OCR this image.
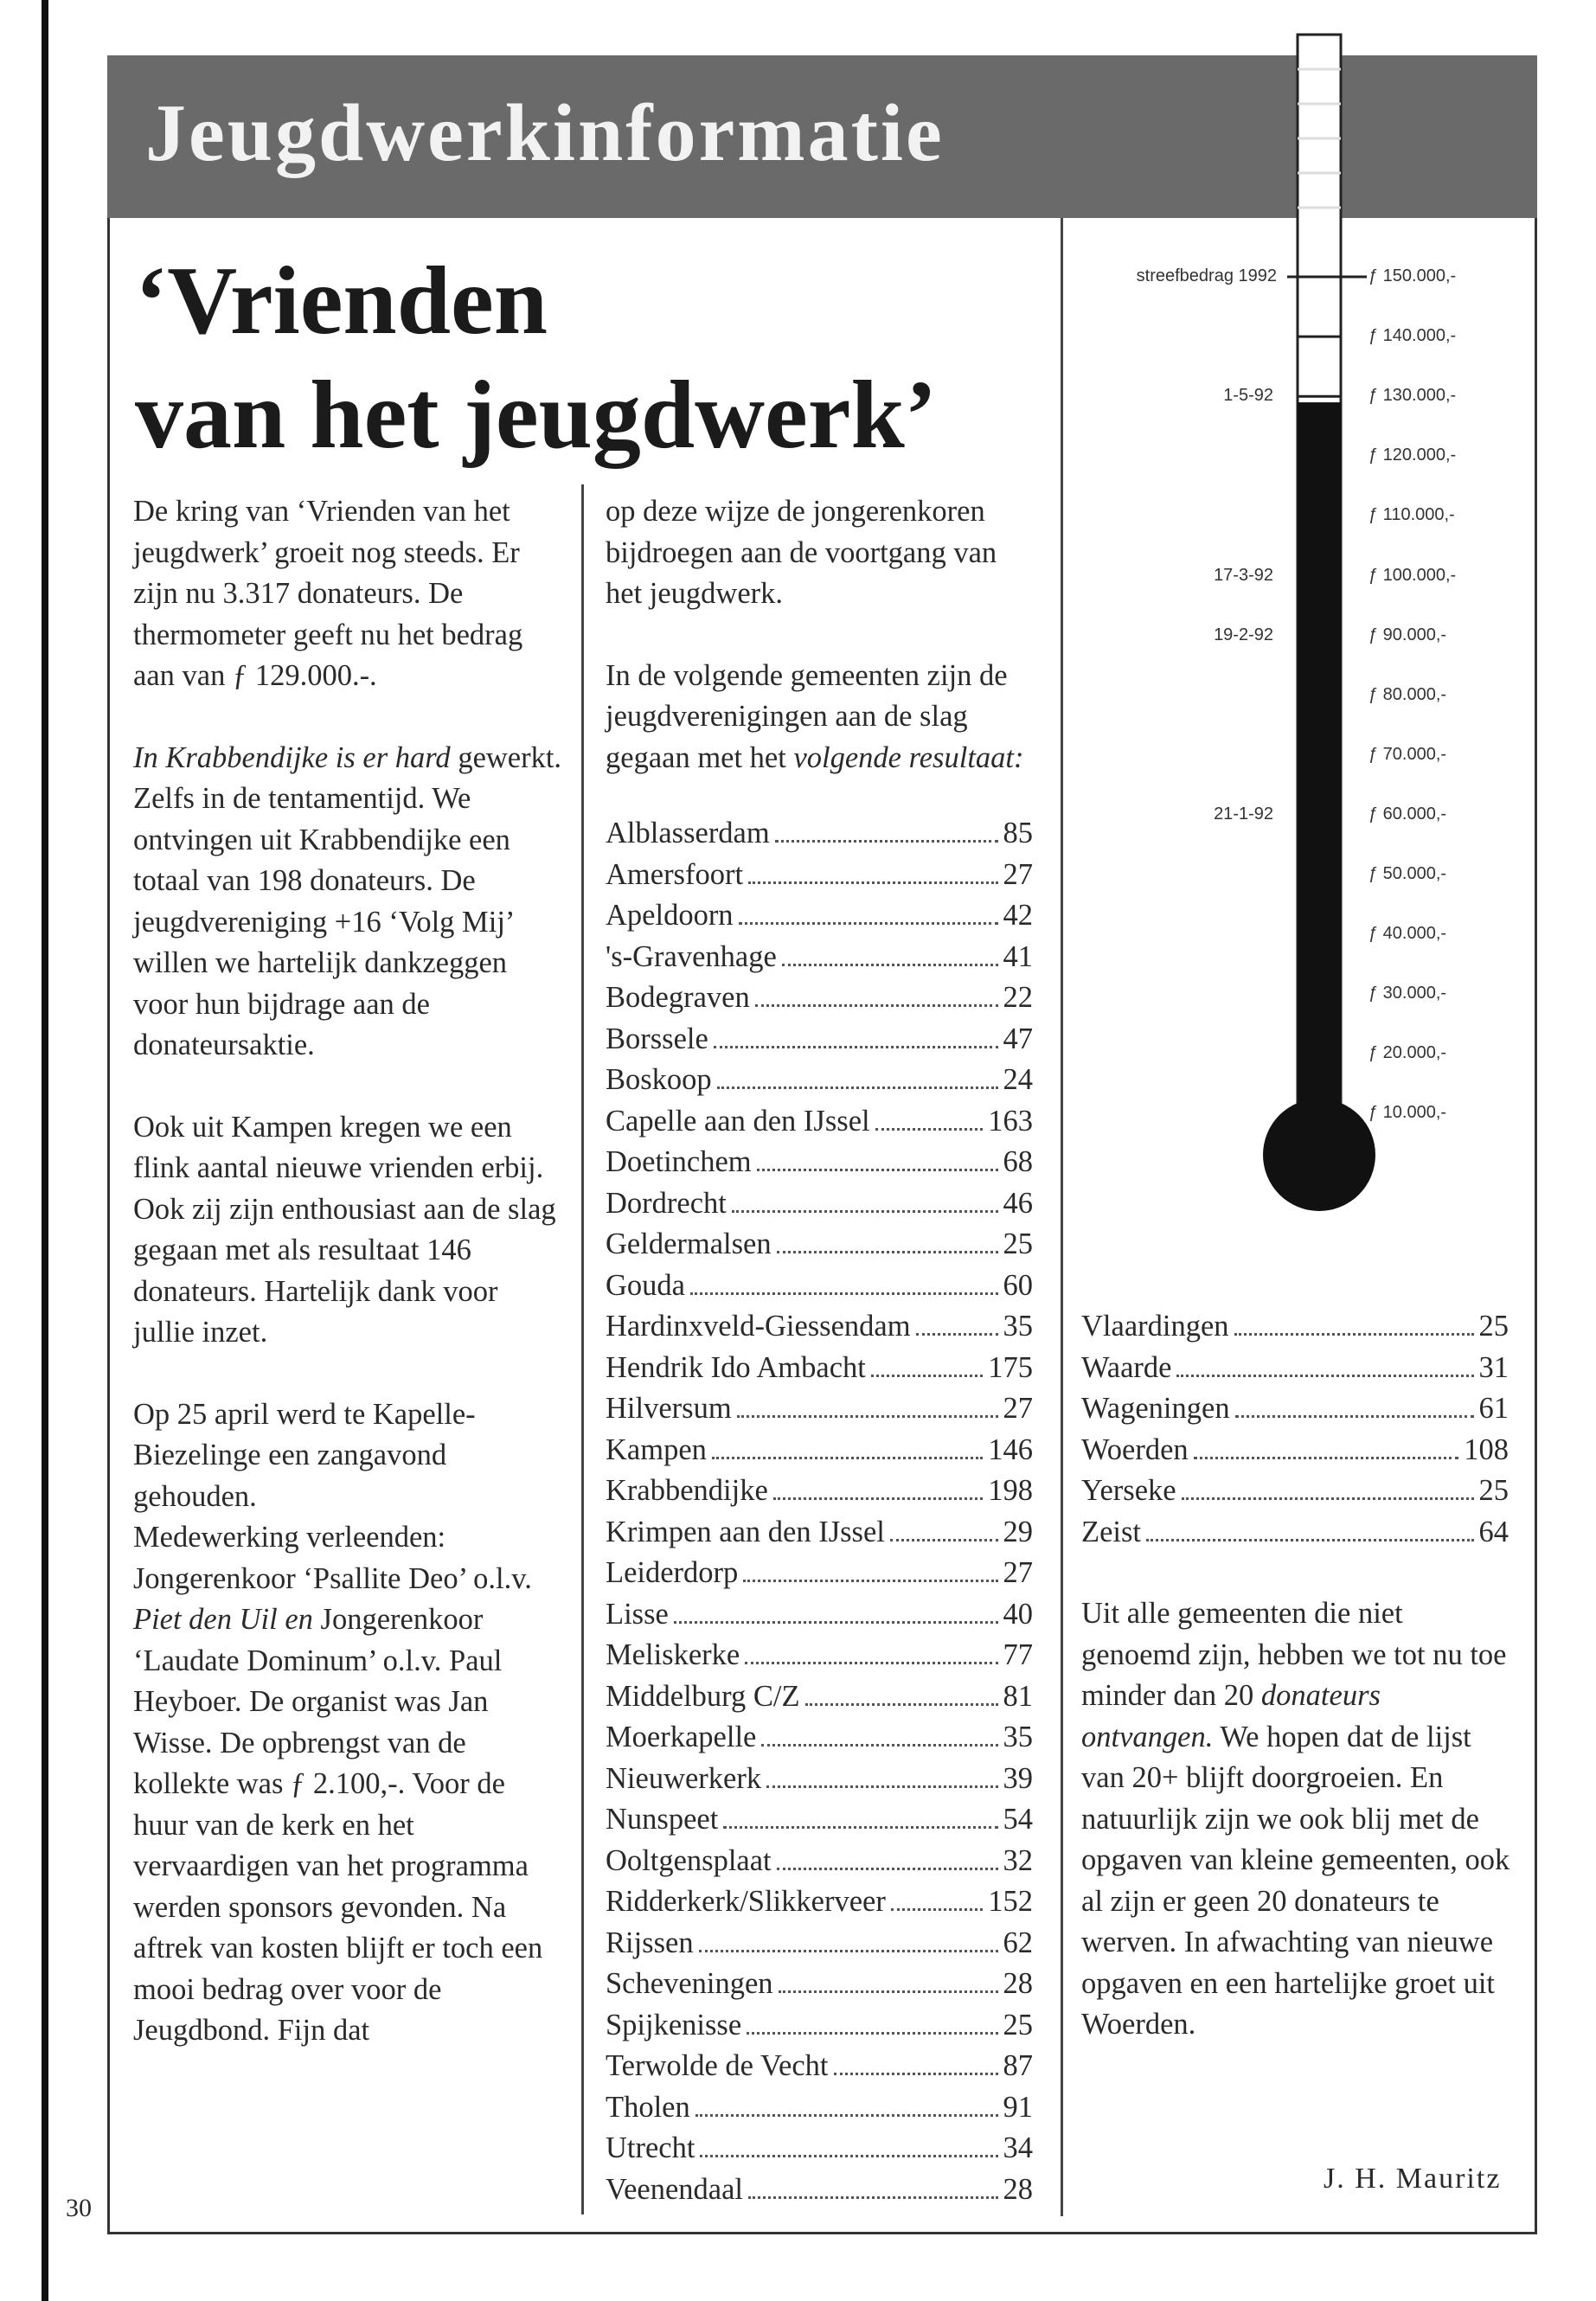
Jeugdwerkinformatie
‘Vrienden
van het jeugdwerk’

De kring van ‘Vrienden van het jeugdwerk’ groeit nog steeds. Er zijn nu 3.317 donateurs. De thermometer geeft nu het bedrag aan van ƒ 129.000.-.

In Krabbendijke is er hard gewerkt. Zelfs in de tentamentijd. We ontvingen uit Krabbendijke een totaal van 198 donateurs. De jeugdvereniging +16 ‘Volg Mij’ willen we hartelijk dankzeggen voor hun bijdrage aan de donateursaktie.

Ook uit Kampen kregen we een flink aantal nieuwe vrienden erbij. Ook zij zijn enthousiast aan de slag gegaan met als resultaat 146 donateurs. Hartelijk dank voor jullie inzet.

Op 25 april werd te Kapelle-Biezelinge een zangavond gehouden.

Medewerking verleenden: Jongerenkoor ‘Psallite Deo’ o.l.v. Piet den Uil en Jongerenkoor ‘Laudate Dominum’ o.l.v. Paul Heyboer. De organist was Jan Wisse. De opbrengst van de kollekte was ƒ 2.100,-. Voor de huur van de kerk en het vervaardigen van het programma werden sponsors gevonden. Na aftrek van kosten blijft er toch een mooi bedrag over voor de Jeugdbond. Fijn dat

op deze wijze de jongerenkoren bijdroegen aan de voortgang van het jeugdwerk.

In de volgende gemeenten zijn de jeugdverenigingen aan de slag gegaan met het volgende resultaat:

Alblasserdam	85
Amersfoort	27
Apeldoorn	42
's-Gravenhage	41
Bodegraven	22
Borssele	47
Boskoop	24
Capelle aan den IJssel	163
Doetinchem	68
Dordrecht	46
Geldermalsen	25
Gouda	60
Hardinxveld-Giessendam	35
Hendrik Ido Ambacht	175
Hilversum	27
Kampen	146
Krabbendijke	198
Krimpen aan den IJssel	29
Leiderdorp	27
Lisse	40
Meliskerke	77
Middelburg C/Z	81
Moerkapelle	35
Nieuwerkerk	39
Nunspeet	54
Ooltgensplaat	32
Ridderkerk/Slikkerveer	152
Rijssen	62
Scheveningen	28
Spijkenisse	25
Terwolde de Vecht	87
Tholen	91
Utrecht	34
Veenendaal	28
Vlaardingen	25
Waarde	31
Wageningen	61
Woerden	108
Yerseke	25
Zeist	64

Uit alle gemeenten die niet genoemd zijn, hebben we tot nu toe minder dan 20 donateurs ontvangen. We hopen dat de lijst van 20+ blijft doorgroeien. En natuurlijk zijn we ook blij met de opgaven van kleine gemeenten, ook al zijn er geen 20 donateurs te werven. In afwachting van nieuwe opgaven en een hartelijke groet uit Woerden.

J. H. Mauritz
ƒ 150.000,-
ƒ 140.000,-
ƒ 130.000,-
ƒ 120.000,-
ƒ 110.000,-
ƒ 100.000,-
ƒ 90.000,-
ƒ 80.000,-
ƒ 70.000,-
ƒ 60.000,-
ƒ 50.000,-
ƒ 40.000,-
ƒ 30.000,-
ƒ 20.000,-
ƒ 10.000,-
streefbedrag 1992
1-5-92
17-3-92
19-2-92
21-1-92
30
